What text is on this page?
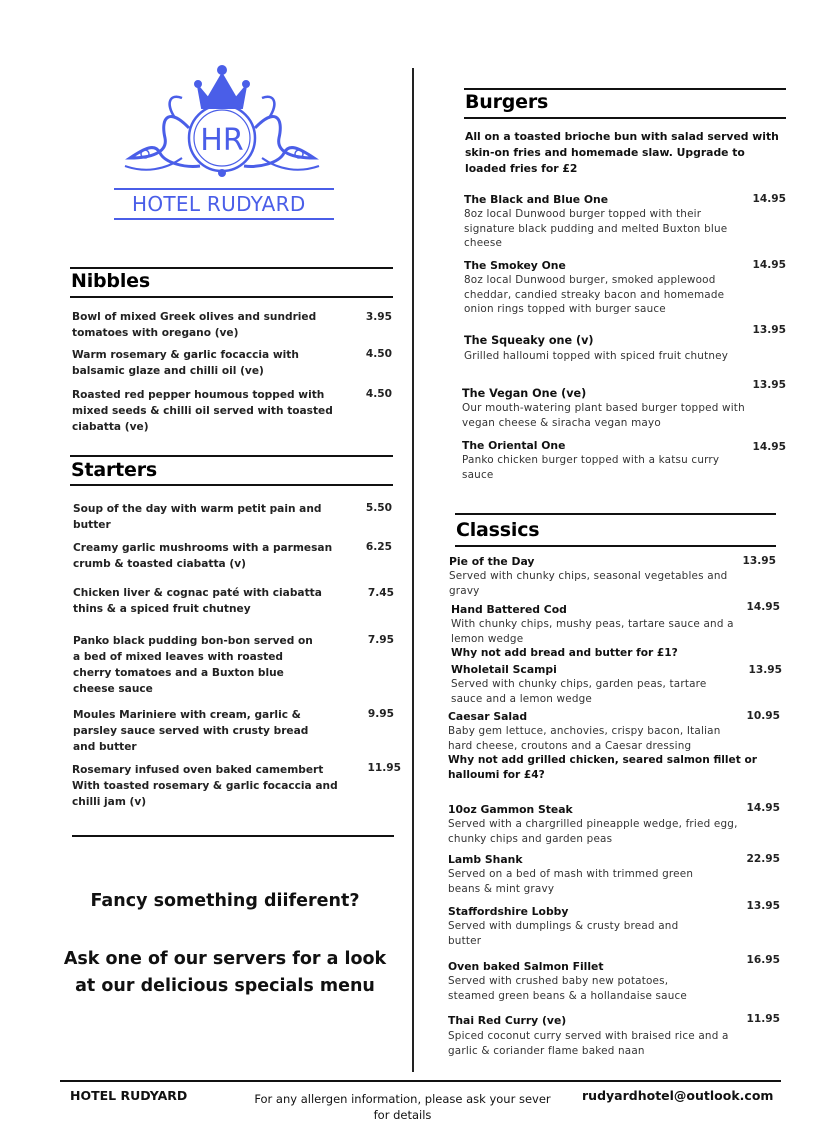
HR
HOTEL RUDYARD
Nibbles
Bowl of mixed Greek olives and sundried tomatoes with oregano (ve)
3.95
Warm rosemary & garlic focaccia with balsamic glaze and chilli oil (ve)
4.50
Roasted red pepper houmous topped with mixed seeds & chilli oil served with toasted ciabatta (ve)
4.50
Starters
Soup of the day with warm petit pain and butter
5.50
Creamy garlic mushrooms with a parmesan crumb & toasted ciabatta (v)
6.25
Chicken liver & cognac paté with ciabatta thins & a spiced fruit chutney
7.45
Panko black pudding bon-bon served on a bed of mixed leaves with roasted cherry tomatoes and a Buxton blue cheese sauce
7.95
Moules Mariniere with cream, garlic & parsley sauce served with crusty bread and butter
9.95
Rosemary infused oven baked camembert With toasted rosemary & garlic focaccia and chilli jam (v)
11.95
Fancy something diiferent?
Ask one of our servers for a look at our delicious specials menu
Burgers
All on a toasted brioche bun with salad served with skin-on fries and homemade slaw. Upgrade to loaded fries for £2
The Black and Blue One
8oz local Dunwood burger topped with their signature black pudding and melted Buxton blue cheese
14.95
The Smokey One
8oz local Dunwood burger, smoked applewood cheddar, candied streaky bacon and homemade onion rings topped with burger sauce
14.95
The Squeaky one (v)
Grilled halloumi topped with spiced fruit chutney
13.95
The Vegan One (ve)
Our mouth-watering plant based burger topped with vegan cheese & siracha vegan mayo
13.95
The Oriental One
Panko chicken burger topped with a katsu curry sauce
14.95
Classics
Pie of the Day
Served with chunky chips, seasonal vegetables and gravy
13.95
Hand Battered Cod
With chunky chips, mushy peas, tartare sauce and a lemon wedge
Why not add bread and butter for £1?
14.95
Wholetail Scampi
Served with chunky chips, garden peas, tartare sauce and a lemon wedge
13.95
Caesar Salad
Baby gem lettuce, anchovies, crispy bacon, Italian hard cheese, croutons and a Caesar dressing
Why not add grilled chicken, seared salmon fillet or halloumi for £4?
10.95
10oz Gammon Steak
Served with a chargrilled pineapple wedge, fried egg, chunky chips and garden peas
14.95
Lamb Shank
Served on a bed of mash with trimmed green beans & mint gravy
22.95
Staffordshire Lobby
Served with dumplings & crusty bread and butter
13.95
Oven baked Salmon Fillet
Served with crushed baby new potatoes, steamed green beans & a hollandaise sauce
16.95
Thai Red Curry (ve)
Spiced coconut curry served with braised rice and a garlic & coriander flame baked naan
11.95
HOTEL RUDYARD	For any allergen information, please ask your sever for details
rudyardhotel@outlook.com
